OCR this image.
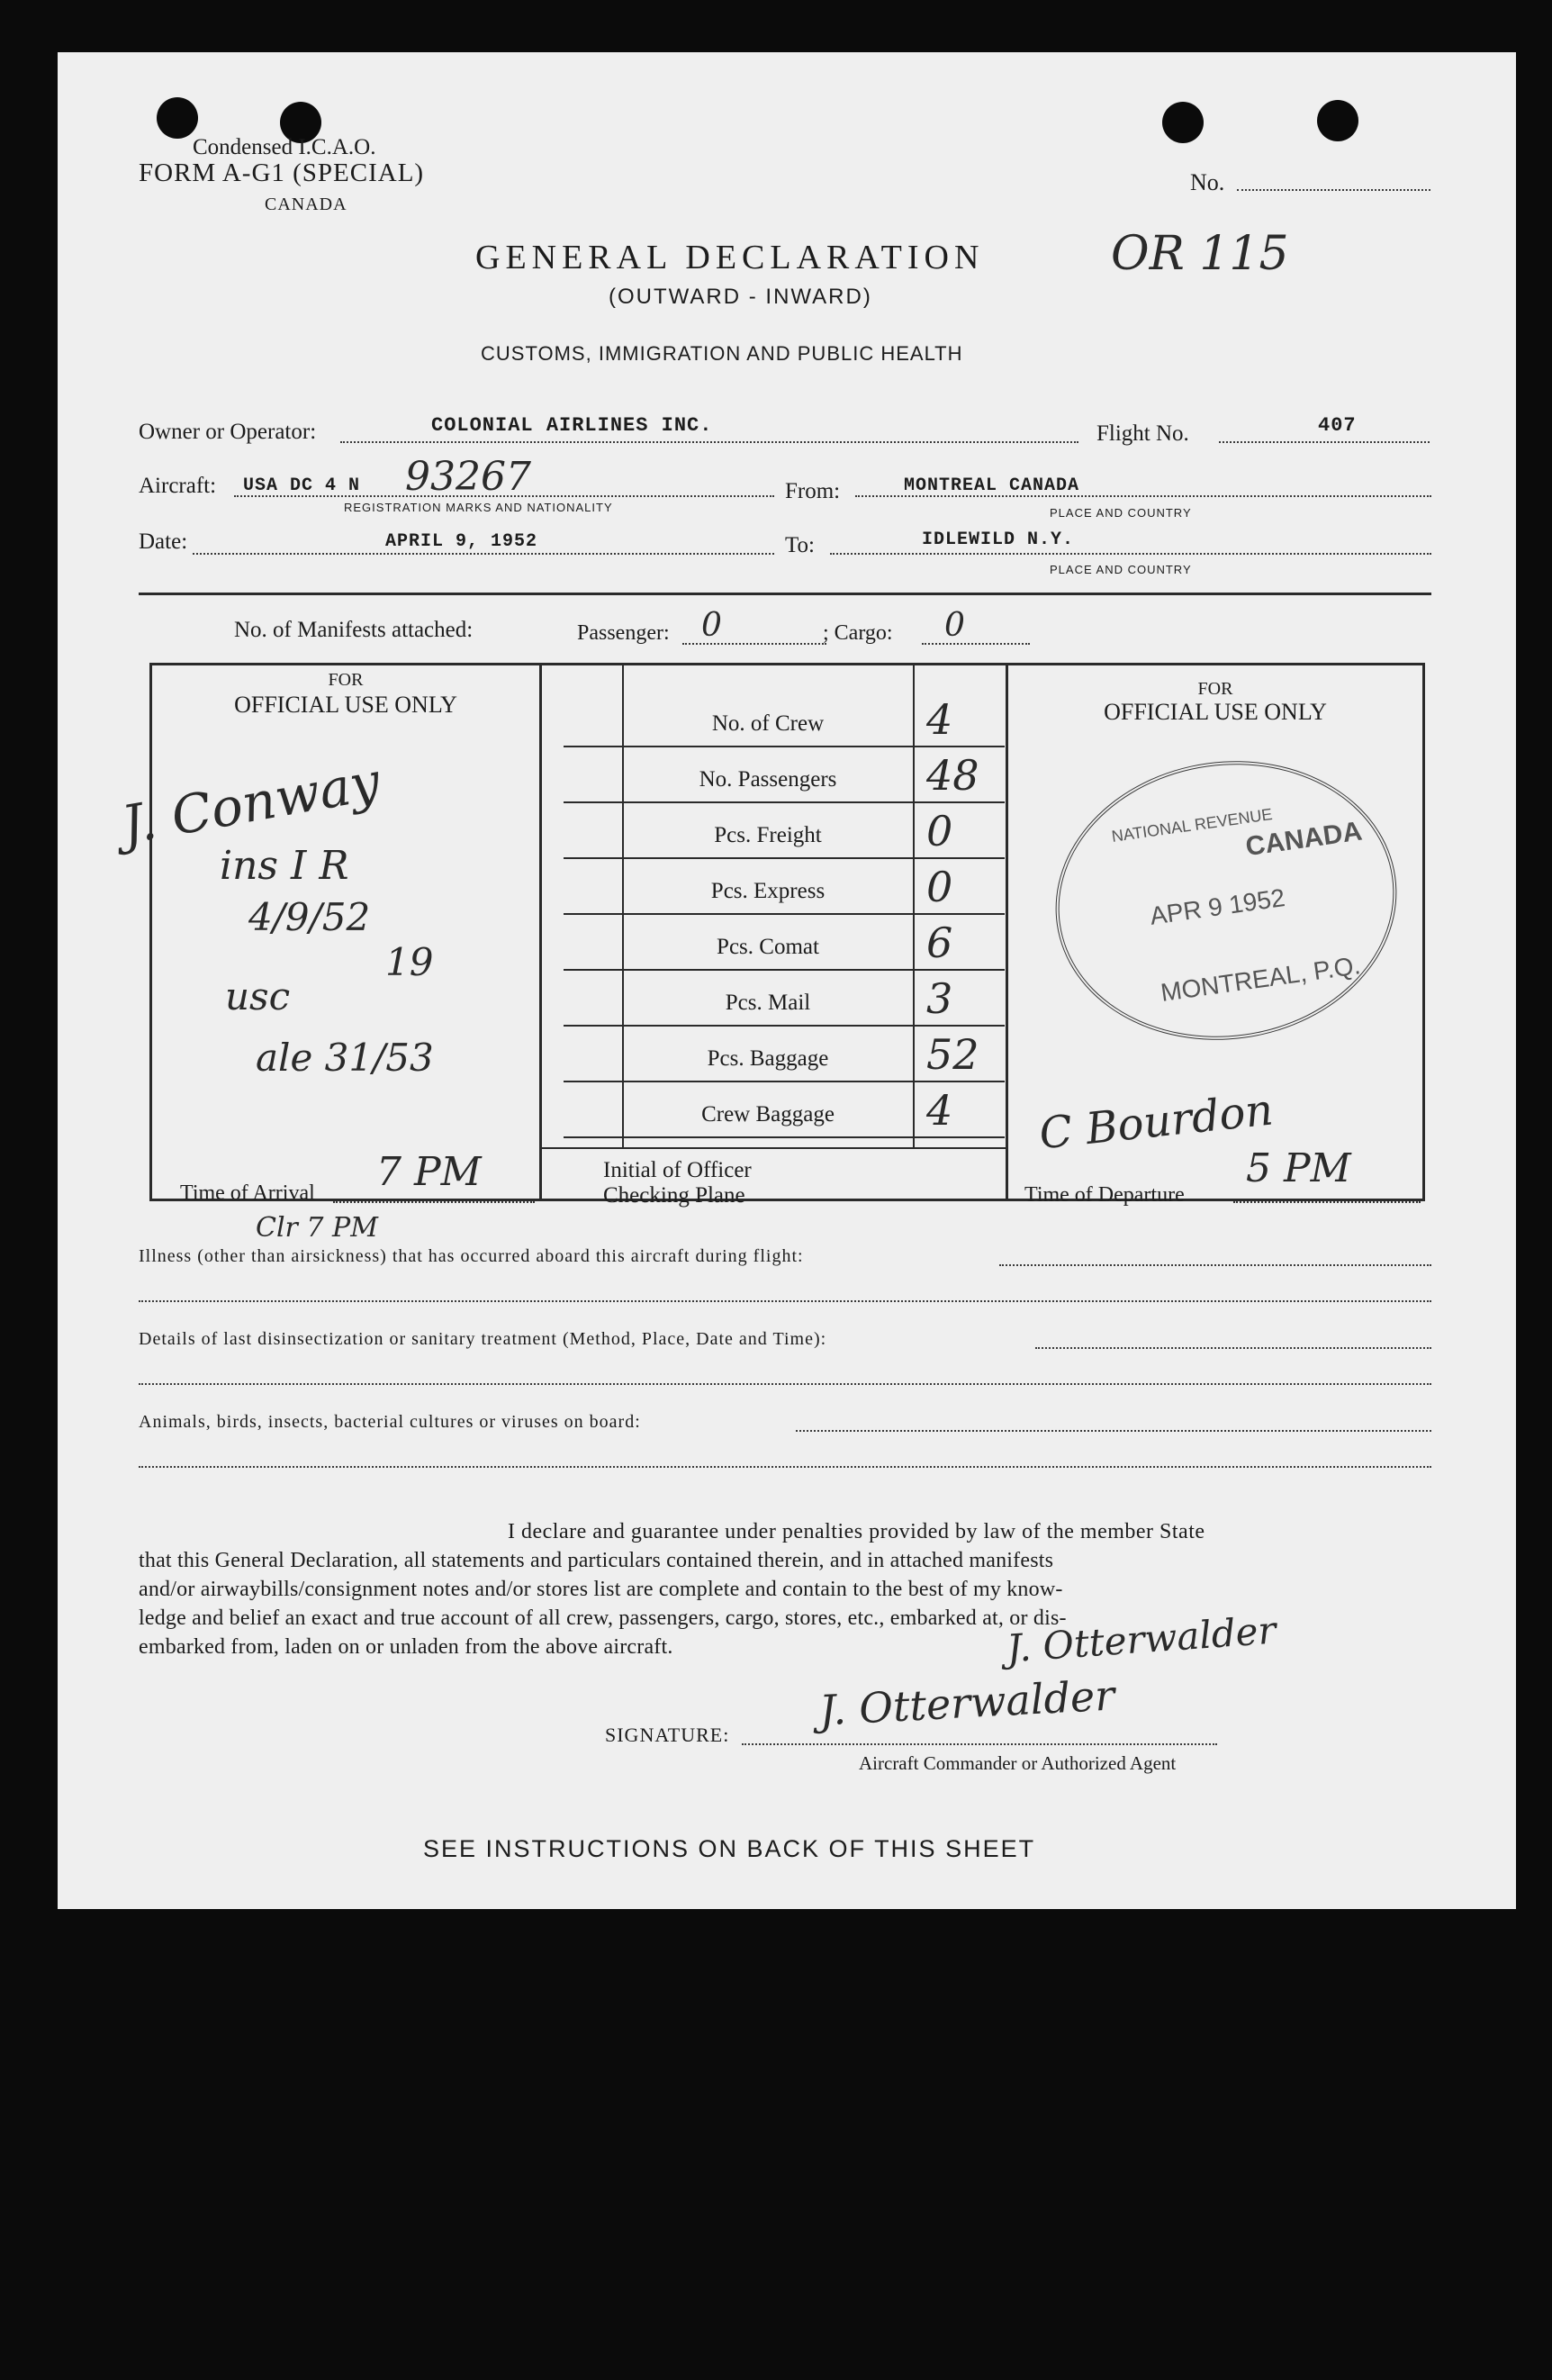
Condensed I.C.A.O.
FORM A-G1 (SPECIAL)
CANADA
No.
GENERAL DECLARATION	OR 115
(OUTWARD - INWARD)
CUSTOMS, IMMIGRATION AND PUBLIC HEALTH
Owner or Operator:	COLONIAL AIRLINES INC.	Flight No.	407
Aircraft: USA DC 4 N 93267
REGISTRATION MARKS AND NATIONALITY
From:	MONTREAL CANADA
PLACE AND COUNTRY
Date:	APRIL 9, 1952	To:	IDLEWILD N.Y.
PLACE AND COUNTRY
No. of Manifests attached:	Passenger: 0	; Cargo: 0
FOR
OFFICIAL USE ONLY
J. Conway
ins I R
4/9/52
19
usc
ale 31/53
Time of Arrival 7 PM
Clr 7 PM
No. of Crew	4
No. Passengers	48
Pcs. Freight	0
Pcs. Express	0
Pcs. Comat	6
Pcs. Mail	3
Pcs. Baggage	52
Crew Baggage	4
Initial of Officer
Checking Plane
FOR
OFFICIAL USE ONLY
NATIONAL REVENUE
CANADA
APR 9 1952
MONTREAL, P.Q.
C Bourdon
Time of Departure
5 PM
Illness (other than airsickness) that has occurred aboard this aircraft during flight:
Details of last disinsectization or sanitary treatment (Method, Place, Date and Time):
Animals, birds, insects, bacterial cultures or viruses on board:
I declare and guarantee under penalties provided by law of the member State
that this General Declaration, all statements and particulars contained therein, and in attached manifests
and/or airwaybills/consignment notes and/or stores list are complete and contain to the best of my know-
ledge and belief an exact and true account of all crew, passengers, cargo, stores, etc., embarked at, or dis-
embarked from, laden on or unladen from the above aircraft.	J. Otterwalder
SIGNATURE: J. Otterwalder
Aircraft Commander or Authorized Agent
SEE INSTRUCTIONS ON BACK OF THIS SHEET
